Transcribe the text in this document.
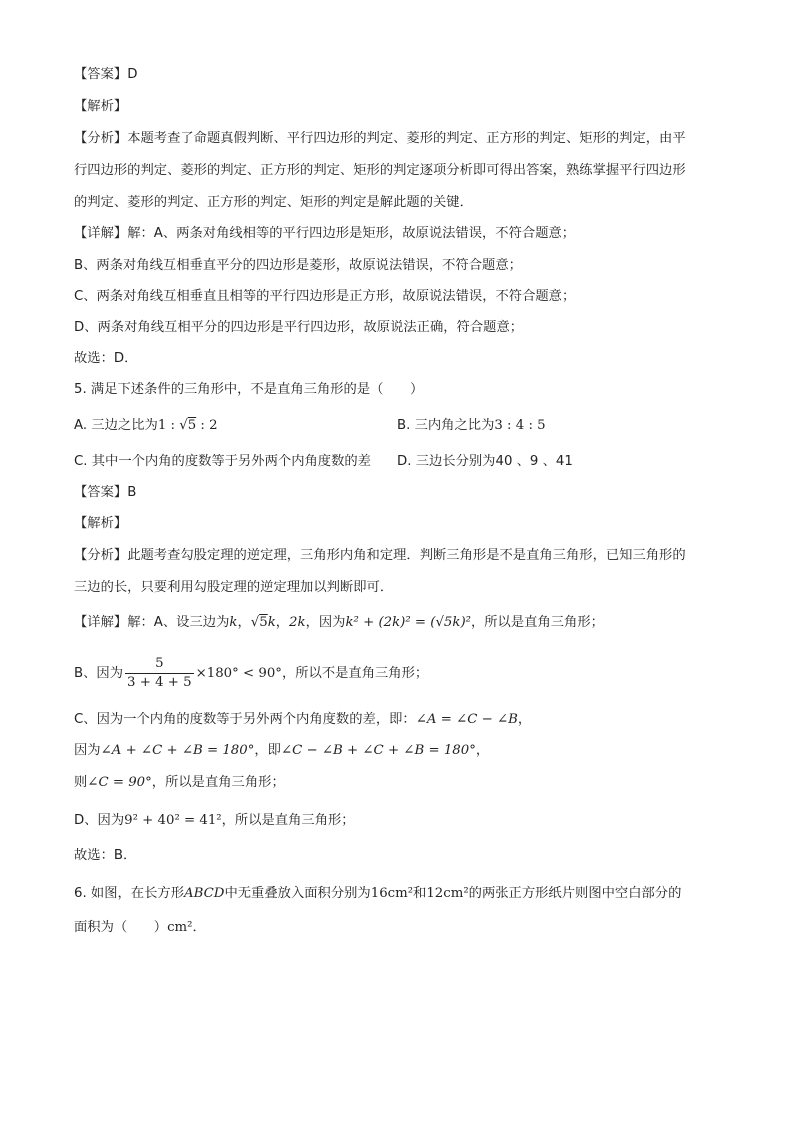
【答案】D
【解析】
【分析】本题考查了命题真假判断、平行四边形的判定、菱形的判定、正方形的判定、矩形的判定，由平
行四边形的判定、菱形的判定、正方形的判定、矩形的判定逐项分析即可得出答案，熟练掌握平行四边形
的判定、菱形的判定、正方形的判定、矩形的判定是解此题的关键．
【详解】解：A、两条对角线相等的平行四边形是矩形，故原说法错误，不符合题意；
B、两条对角线互相垂直平分的四边形是菱形，故原说法错误，不符合题意；
C、两条对角线互相垂直且相等的平行四边形是正方形，故原说法错误，不符合题意；
D、两条对角线互相平分的四边形是平行四边形，故原说法正确，符合题意；
故选：D．
5. 满足下述条件的三角形中，不是直角三角形的是（　　）
A. 三边之比为1 : √5 : 2	B. 三内角之比为3 : 4 : 5
C. 其中一个内角的度数等于另外两个内角度数的差 D. 三边长分别为40 、9 、41
【答案】B
【解析】
【分析】此题考查勾股定理的逆定理，三角形内角和定理．判断三角形是不是直角三角形，已知三角形的
三边的长，只要利用勾股定理的逆定理加以判断即可．
【详解】解：A、设三边为k，√5k，2k，因为k² + (2k)² = (√5k)²，所以是直角三角形；
B、因为 $\frac{5}{3 + 4 + 5} \times 180^\circ < 90^\circ$，所以不是直角三角形；
C、因为一个内角的度数等于另外两个内角度数的差，即：∠A = ∠C − ∠B，
因为∠A + ∠C + ∠B = 180°，即∠C − ∠B + ∠C + ∠B = 180°，
则∠C = 90°，所以是直角三角形；
D、因为9² + 40² = 41²，所以是直角三角形；
故选：B．
6. 如图，在长方形ABCD中无重叠放入面积分别为16cm²和12cm²的两张正方形纸片则图中空白部分的
面积为（　　）cm²．
